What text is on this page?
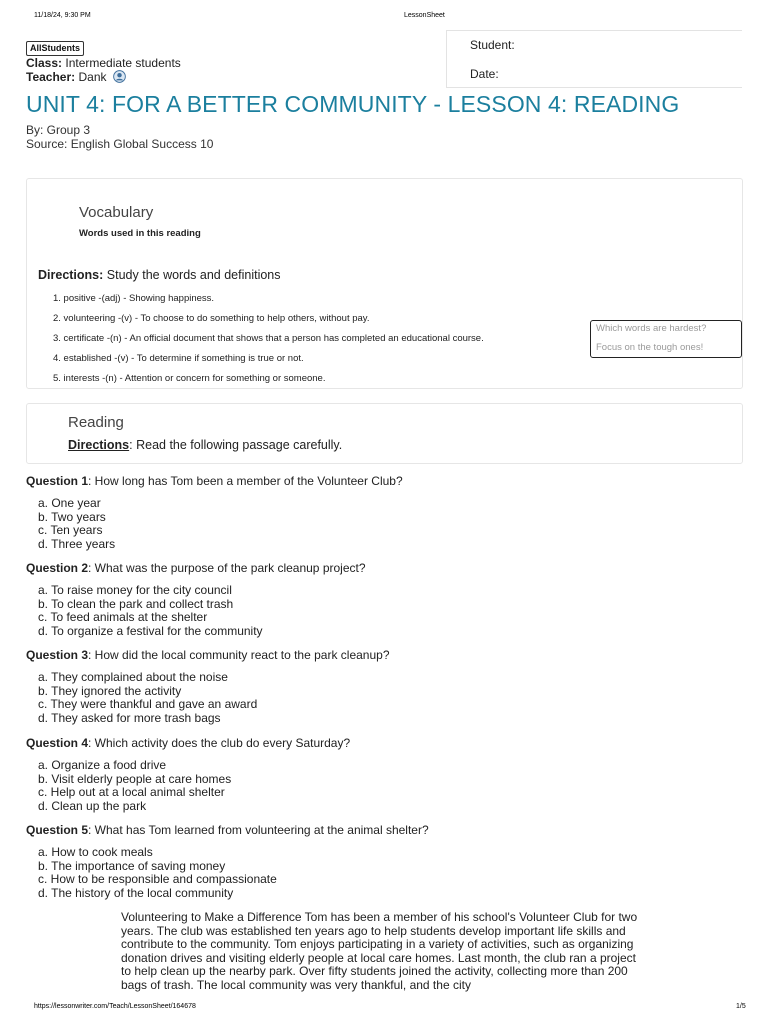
11/18/24, 9:30 PM	LessonSheet
AllStudents
Class: Intermediate students
Teacher: Dank
Student:
Date:
UNIT 4: FOR A BETTER COMMUNITY - LESSON 4: READING
By: Group 3
Source: English Global Success 10
Vocabulary
Words used in this reading
Directions: Study the words and definitions
1. positive -(adj) - Showing happiness.
2. volunteering -(v) - To choose to do something to help others, without pay.
3. certificate -(n) - An official document that shows that a person has completed an educational course.
4. established -(v) - To determine if something is true or not.
5. interests -(n) - Attention or concern for something or someone.
Which words are hardest?
Focus on the tough ones!
Reading
Directions: Read the following passage carefully.
Question 1: How long has Tom been a member of the Volunteer Club?
a. One year
b. Two years
c. Ten years
d. Three years
Question 2: What was the purpose of the park cleanup project?
a. To raise money for the city council
b. To clean the park and collect trash
c. To feed animals at the shelter
d. To organize a festival for the community
Question 3: How did the local community react to the park cleanup?
a. They complained about the noise
b. They ignored the activity
c. They were thankful and gave an award
d. They asked for more trash bags
Question 4: Which activity does the club do every Saturday?
a. Organize a food drive
b. Visit elderly people at care homes
c. Help out at a local animal shelter
d. Clean up the park
Question 5: What has Tom learned from volunteering at the animal shelter?
a. How to cook meals
b. The importance of saving money
c. How to be responsible and compassionate
d. The history of the local community
Volunteering to Make a Difference Tom has been a member of his school's Volunteer Club for two years. The club was established ten years ago to help students develop important life skills and contribute to the community. Tom enjoys participating in a variety of activities, such as organizing donation drives and visiting elderly people at local care homes. Last month, the club ran a project to help clean up the nearby park. Over fifty students joined the activity, collecting more than 200 bags of trash. The local community was very thankful, and the city
https://lessonwriter.com/Teach/LessonSheet/164678	1/5
